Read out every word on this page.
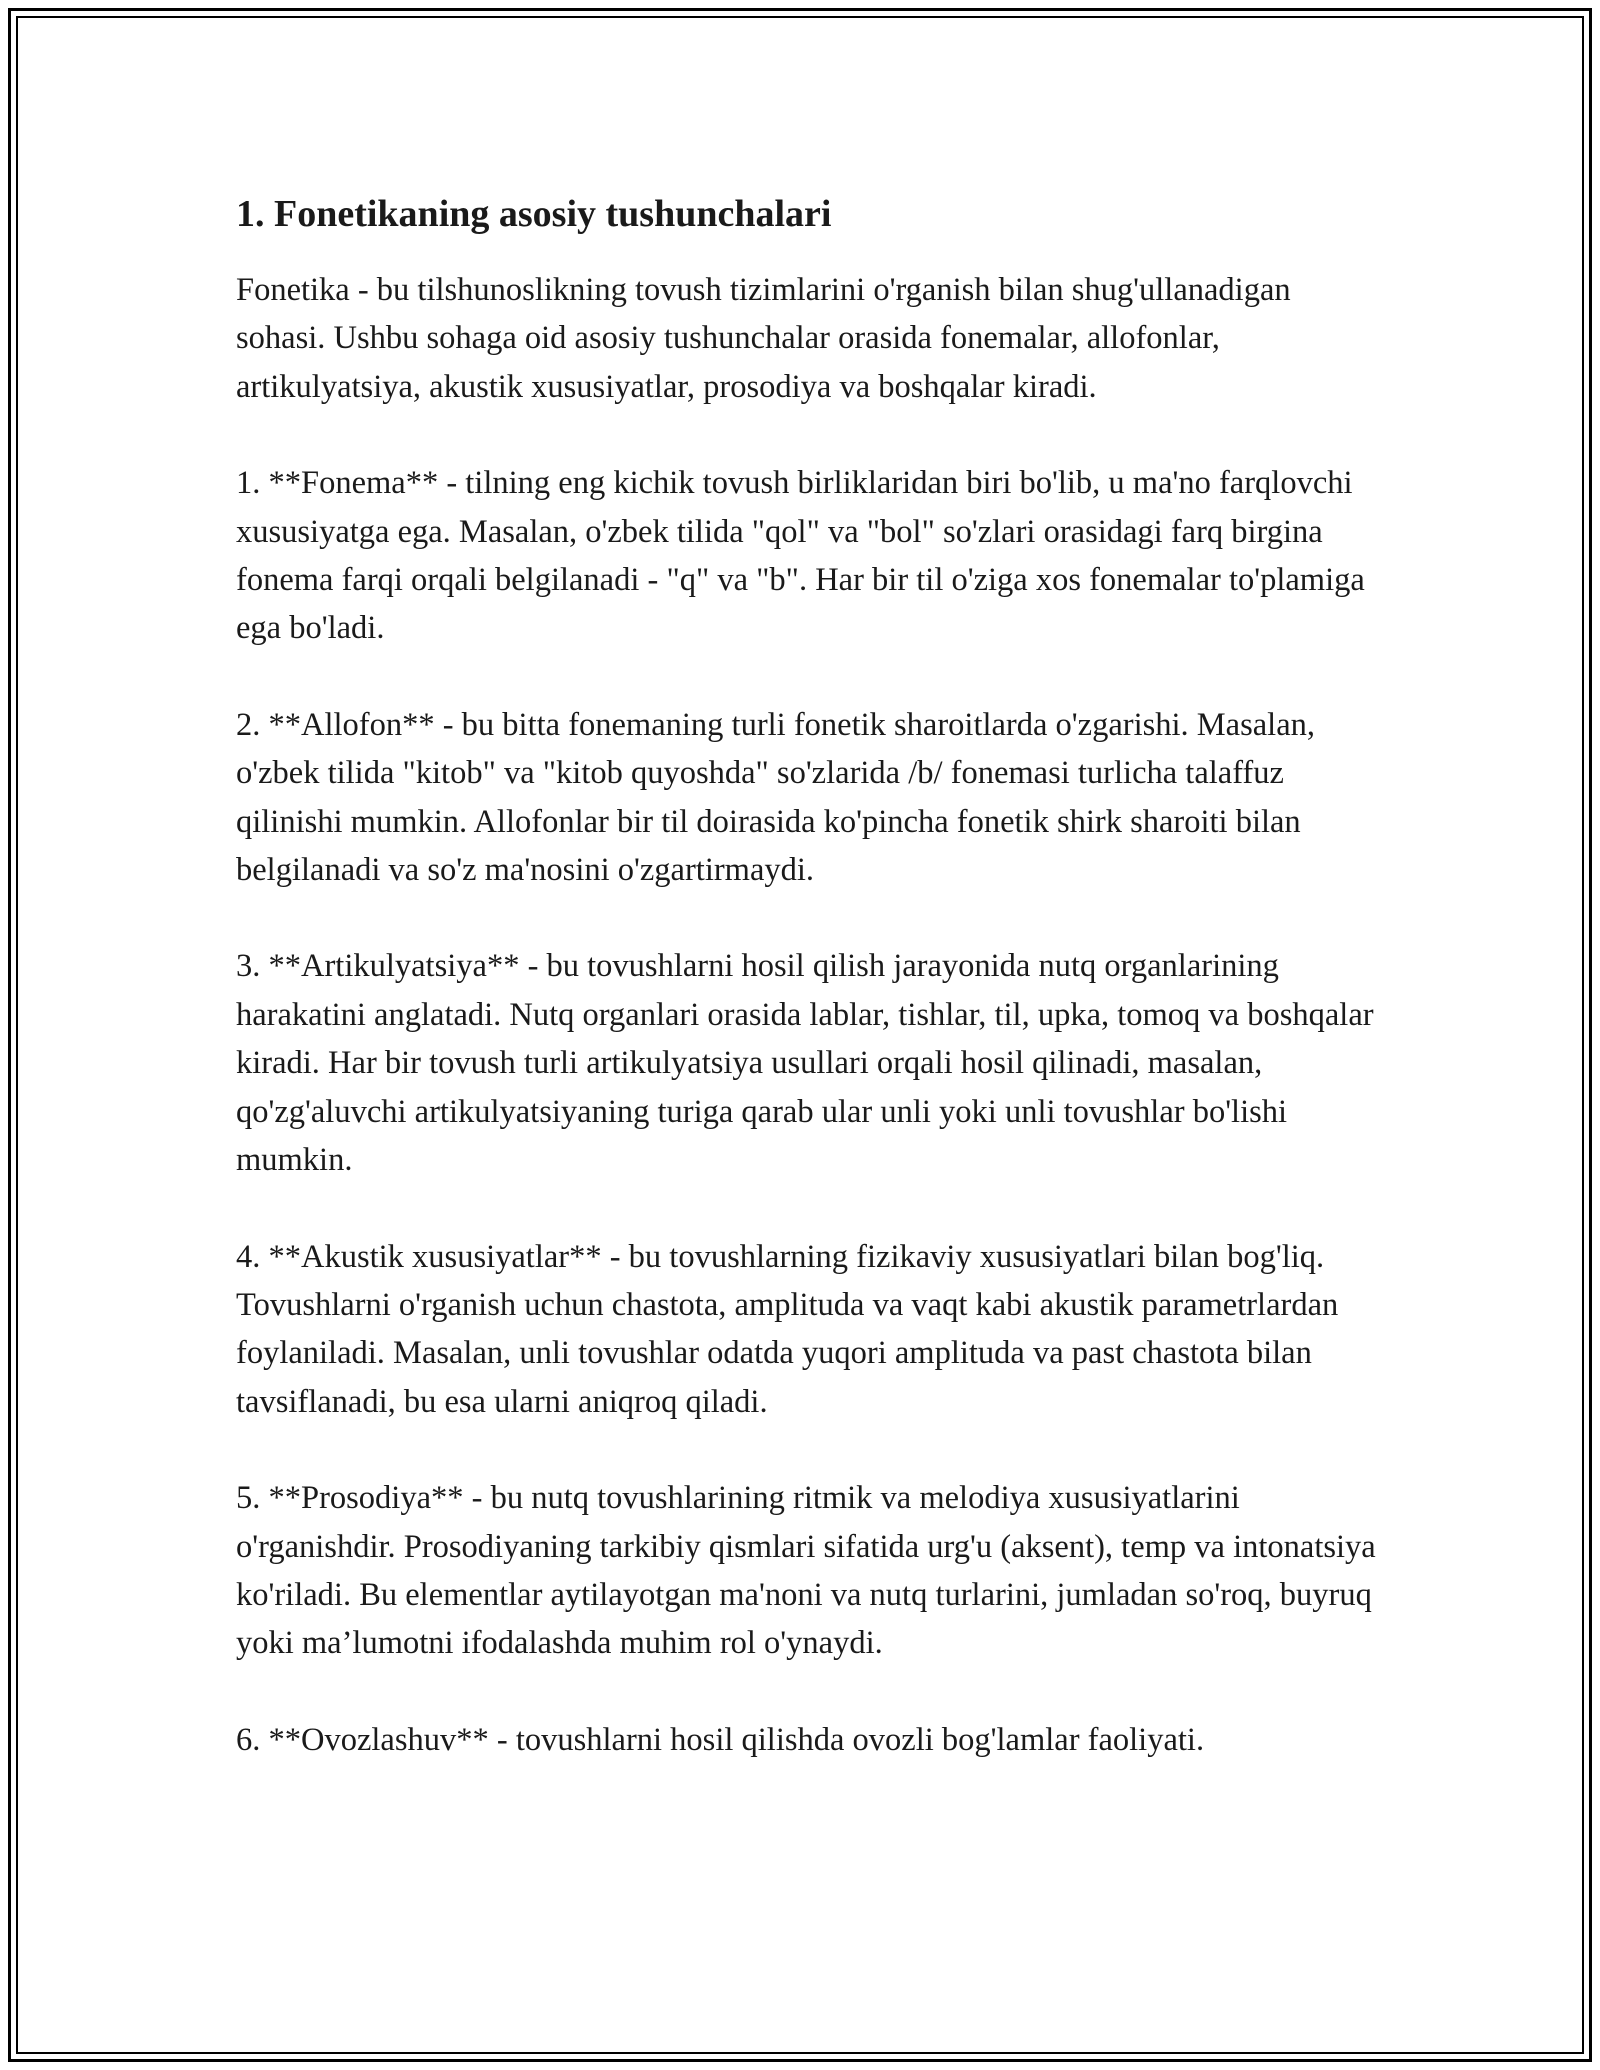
1. Fonetikaning asosiy tushunchalari

Fonetika - bu tilshunoslikning tovush tizimlarini o'rganish bilan shug'ullanadigan sohasi. Ushbu sohaga oid asosiy tushunchalar orasida fonemalar, allofonlar, artikulyatsiya, akustik xususiyatlar, prosodiya va boshqalar kiradi.

1. **Fonema** - tilning eng kichik tovush birliklaridan biri bo'lib, u ma'no farqlovchi xususiyatga ega. Masalan, o'zbek tilida "qol" va "bol" so'zlari orasidagi farq birgina fonema farqi orqali belgilanadi - "q" va "b". Har bir til o'ziga xos fonemalar to'plamiga ega bo'ladi.

2. **Allofon** - bu bitta fonemaning turli fonetik sharoitlarda o'zgarishi. Masalan, o'zbek tilida "kitob" va "kitob quyoshda" so'zlarida /b/ fonemasi turlicha talaffuz qilinishi mumkin. Allofonlar bir til doirasida ko'pincha fonetik shirk sharoiti bilan belgilanadi va so'z ma'nosini o'zgartirmaydi.

3. **Artikulyatsiya** - bu tovushlarni hosil qilish jarayonida nutq organlarining harakatini anglatadi. Nutq organlari orasida lablar, tishlar, til, upka, tomoq va boshqalar kiradi. Har bir tovush turli artikulyatsiya usullari orqali hosil qilinadi, masalan, qo'zg'aluvchi artikulyatsiyaning turiga qarab ular unli yoki unli tovushlar bo'lishi mumkin.

4. **Akustik xususiyatlar** - bu tovushlarning fizikaviy xususiyatlari bilan bog'liq. Tovushlarni o'rganish uchun chastota, amplituda va vaqt kabi akustik parametrlardan foylaniladi. Masalan, unli tovushlar odatda yuqori amplituda va past chastota bilan tavsiflanadi, bu esa ularni aniqroq qiladi.

5. **Prosodiya** - bu nutq tovushlarining ritmik va melodiya xususiyatlarini o'rganishdir. Prosodiyaning tarkibiy qismlari sifatida urg'u (aksent), temp va intonatsiya ko'riladi. Bu elementlar aytilayotgan ma'noni va nutq turlarini, jumladan so'roq, buyruq yoki ma’lumotni ifodalashda muhim rol o'ynaydi.

6. **Ovozlashuv** - tovushlarni hosil qilishda ovozli bog'lamlar faoliyati.
